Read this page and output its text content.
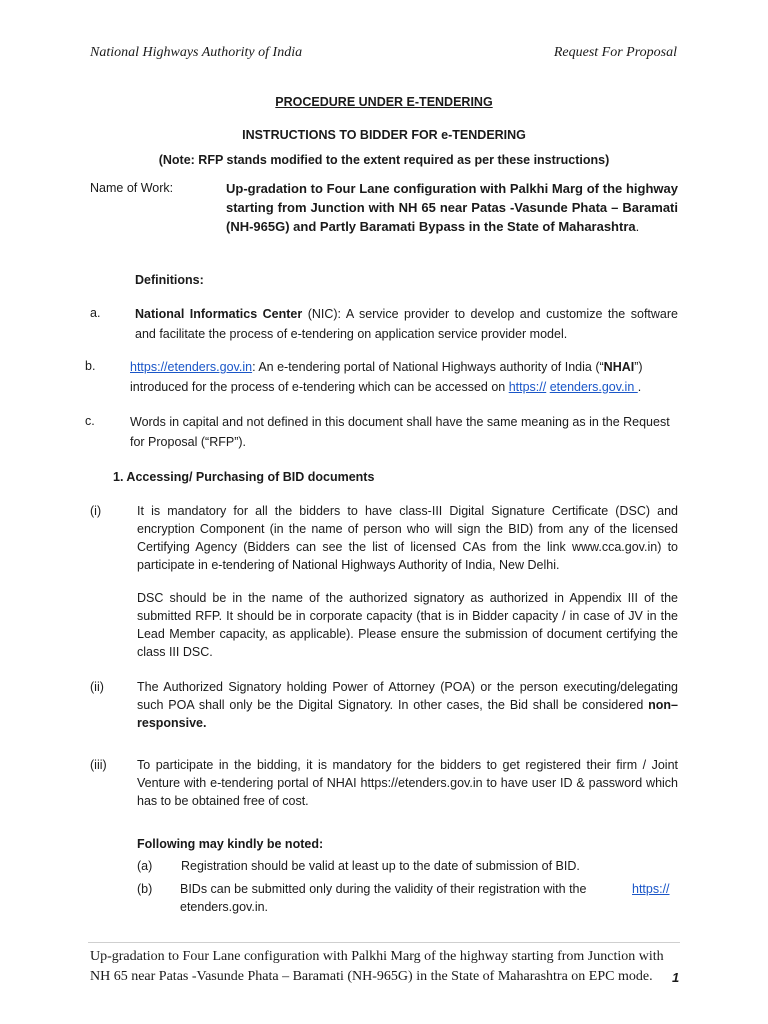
National Highways Authority of India	Request For Proposal
PROCEDURE UNDER E-TENDERING
INSTRUCTIONS TO BIDDER FOR e-TENDERING
(Note: RFP stands modified to the extent required as per these instructions)
Name of Work:	Up-gradation to Four Lane configuration with Palkhi Marg of the highway starting from Junction with NH 65 near Patas -Vasunde Phata – Baramati (NH-965G) and Partly Baramati Bypass in the State of Maharashtra.
Definitions:
a.	National Informatics Center (NIC): A service provider to develop and customize the software and facilitate the process of e-tendering on application service provider model.
b.	https://etenders.gov.in: An e-tendering portal of National Highways authority of India (“NHAI”) introduced for the process of e-tendering which can be accessed on https:// etenders.gov.in .
c.	Words in capital and not defined in this document shall have the same meaning as in the Request for Proposal (“RFP”).
1. Accessing/ Purchasing of BID documents
(i)	It is mandatory for all the bidders to have class-III Digital Signature Certificate (DSC) and encryption Component (in the name of person who will sign the BID) from any of the licensed Certifying Agency (Bidders can see the list of licensed CAs from the link www.cca.gov.in) to participate in e-tendering of National Highways Authority of India, New Delhi.
DSC should be in the name of the authorized signatory as authorized in Appendix III of the submitted RFP. It should be in corporate capacity (that is in Bidder capacity / in case of JV in the Lead Member capacity, as applicable). Please ensure the submission of document certifying the class III DSC.
(ii)	The Authorized Signatory holding Power of Attorney (POA) or the person executing/delegating such POA shall only be the Digital Signatory. In other cases, the Bid shall be considered non–responsive.
(iii) To participate in the bidding, it is mandatory for the bidders to get registered their firm / Joint Venture with e-tendering portal of NHAI https://etenders.gov.in to have user ID & password which has to be obtained free of cost.
Following may kindly be noted:
(a) Registration should be valid at least up to the date of submission of BID.
(b) BIDs can be submitted only during the validity of their registration with the	https://
etenders.gov.in.
Up-gradation to Four Lane configuration with Palkhi Marg of the highway starting from Junction with
NH 65 near Patas -Vasunde Phata – Baramati (NH-965G) in the State of Maharashtra on EPC mode. 1
